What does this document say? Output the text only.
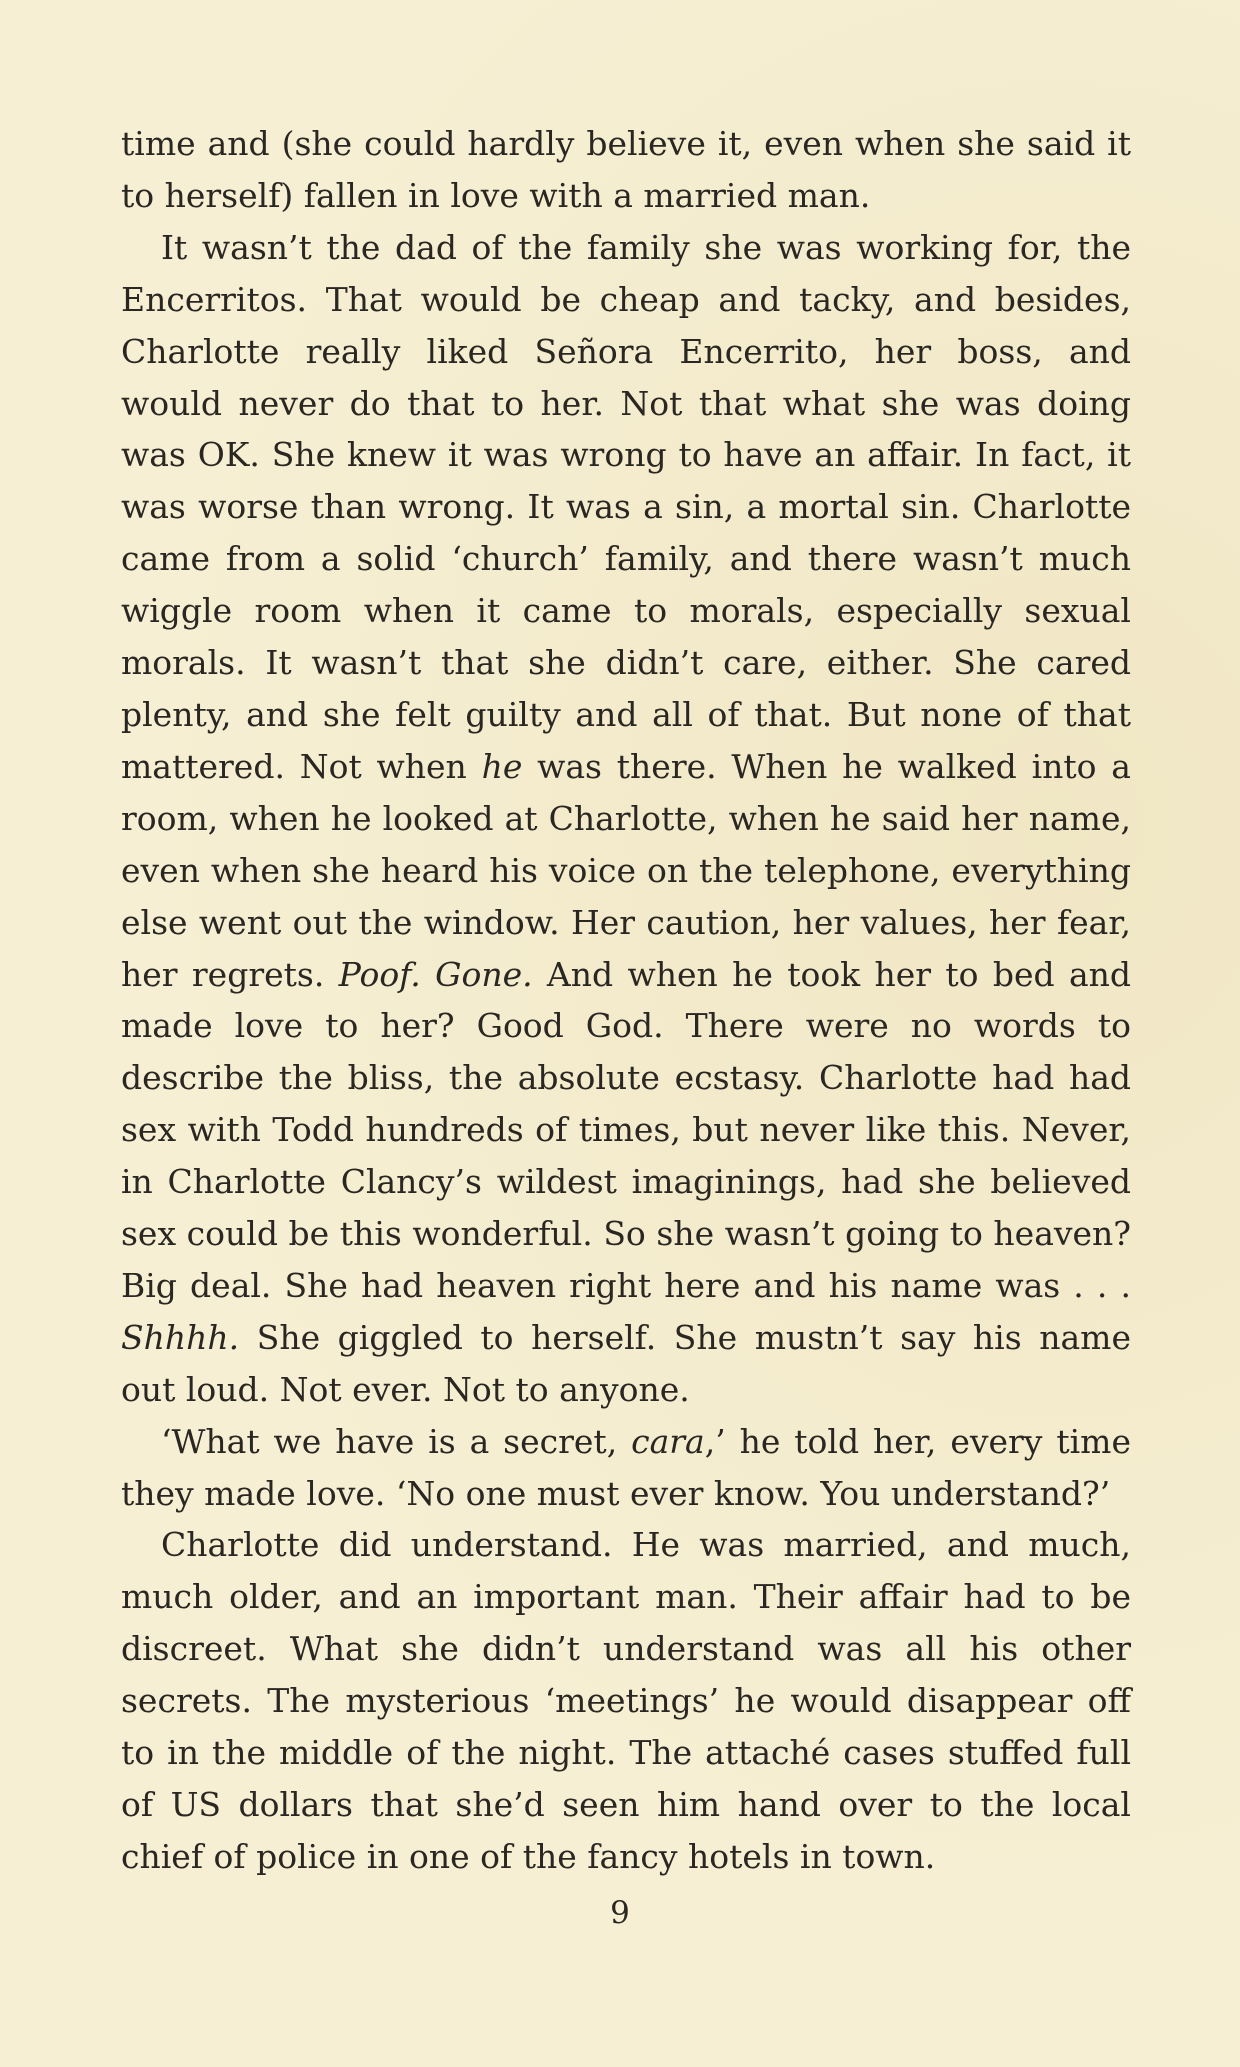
time and (she could hardly believe it, even when she said it to herself) fallen in love with a married man.

It wasn’t the dad of the family she was working for, the Encerritos. That would be cheap and tacky, and besides, Charlotte really liked Señora Encerrito, her boss, and would never do that to her. Not that what she was doing was OK. She knew it was wrong to have an affair. In fact, it was worse than wrong. It was a sin, a mortal sin. Charlotte came from a solid ‘church’ family, and there wasn’t much wiggle room when it came to morals, especially sexual morals. It wasn’t that she didn’t care, either. She cared plenty, and she felt guilty and all of that. But none of that mattered. Not when he was there. When he walked into a room, when he looked at Charlotte, when he said her name, even when she heard his voice on the telephone, everything else went out the window. Her caution, her values, her fear, her regrets. Poof. Gone. And when he took her to bed and made love to her? Good God. There were no words to describe the bliss, the absolute ecstasy. Charlotte had had sex with Todd hundreds of times, but never like this. Never, in Charlotte Clancy’s wildest imaginings, had she believed sex could be this wonderful. So she wasn’t going to heaven? Big deal. She had heaven right here and his name was . . . Shhhh. She giggled to herself. She mustn’t say his name out loud. Not ever. Not to anyone.

‘What we have is a secret, cara,’ he told her, every time they made love. ‘No one must ever know. You understand?’

Charlotte did understand. He was married, and much, much older, and an important man. Their affair had to be discreet. What she didn’t understand was all his other secrets. The mysterious ‘meetings’ he would disappear off to in the middle of the night. The attaché cases stuffed full of US dollars that she’d seen him hand over to the local chief of police in one of the fancy hotels in town.

9
